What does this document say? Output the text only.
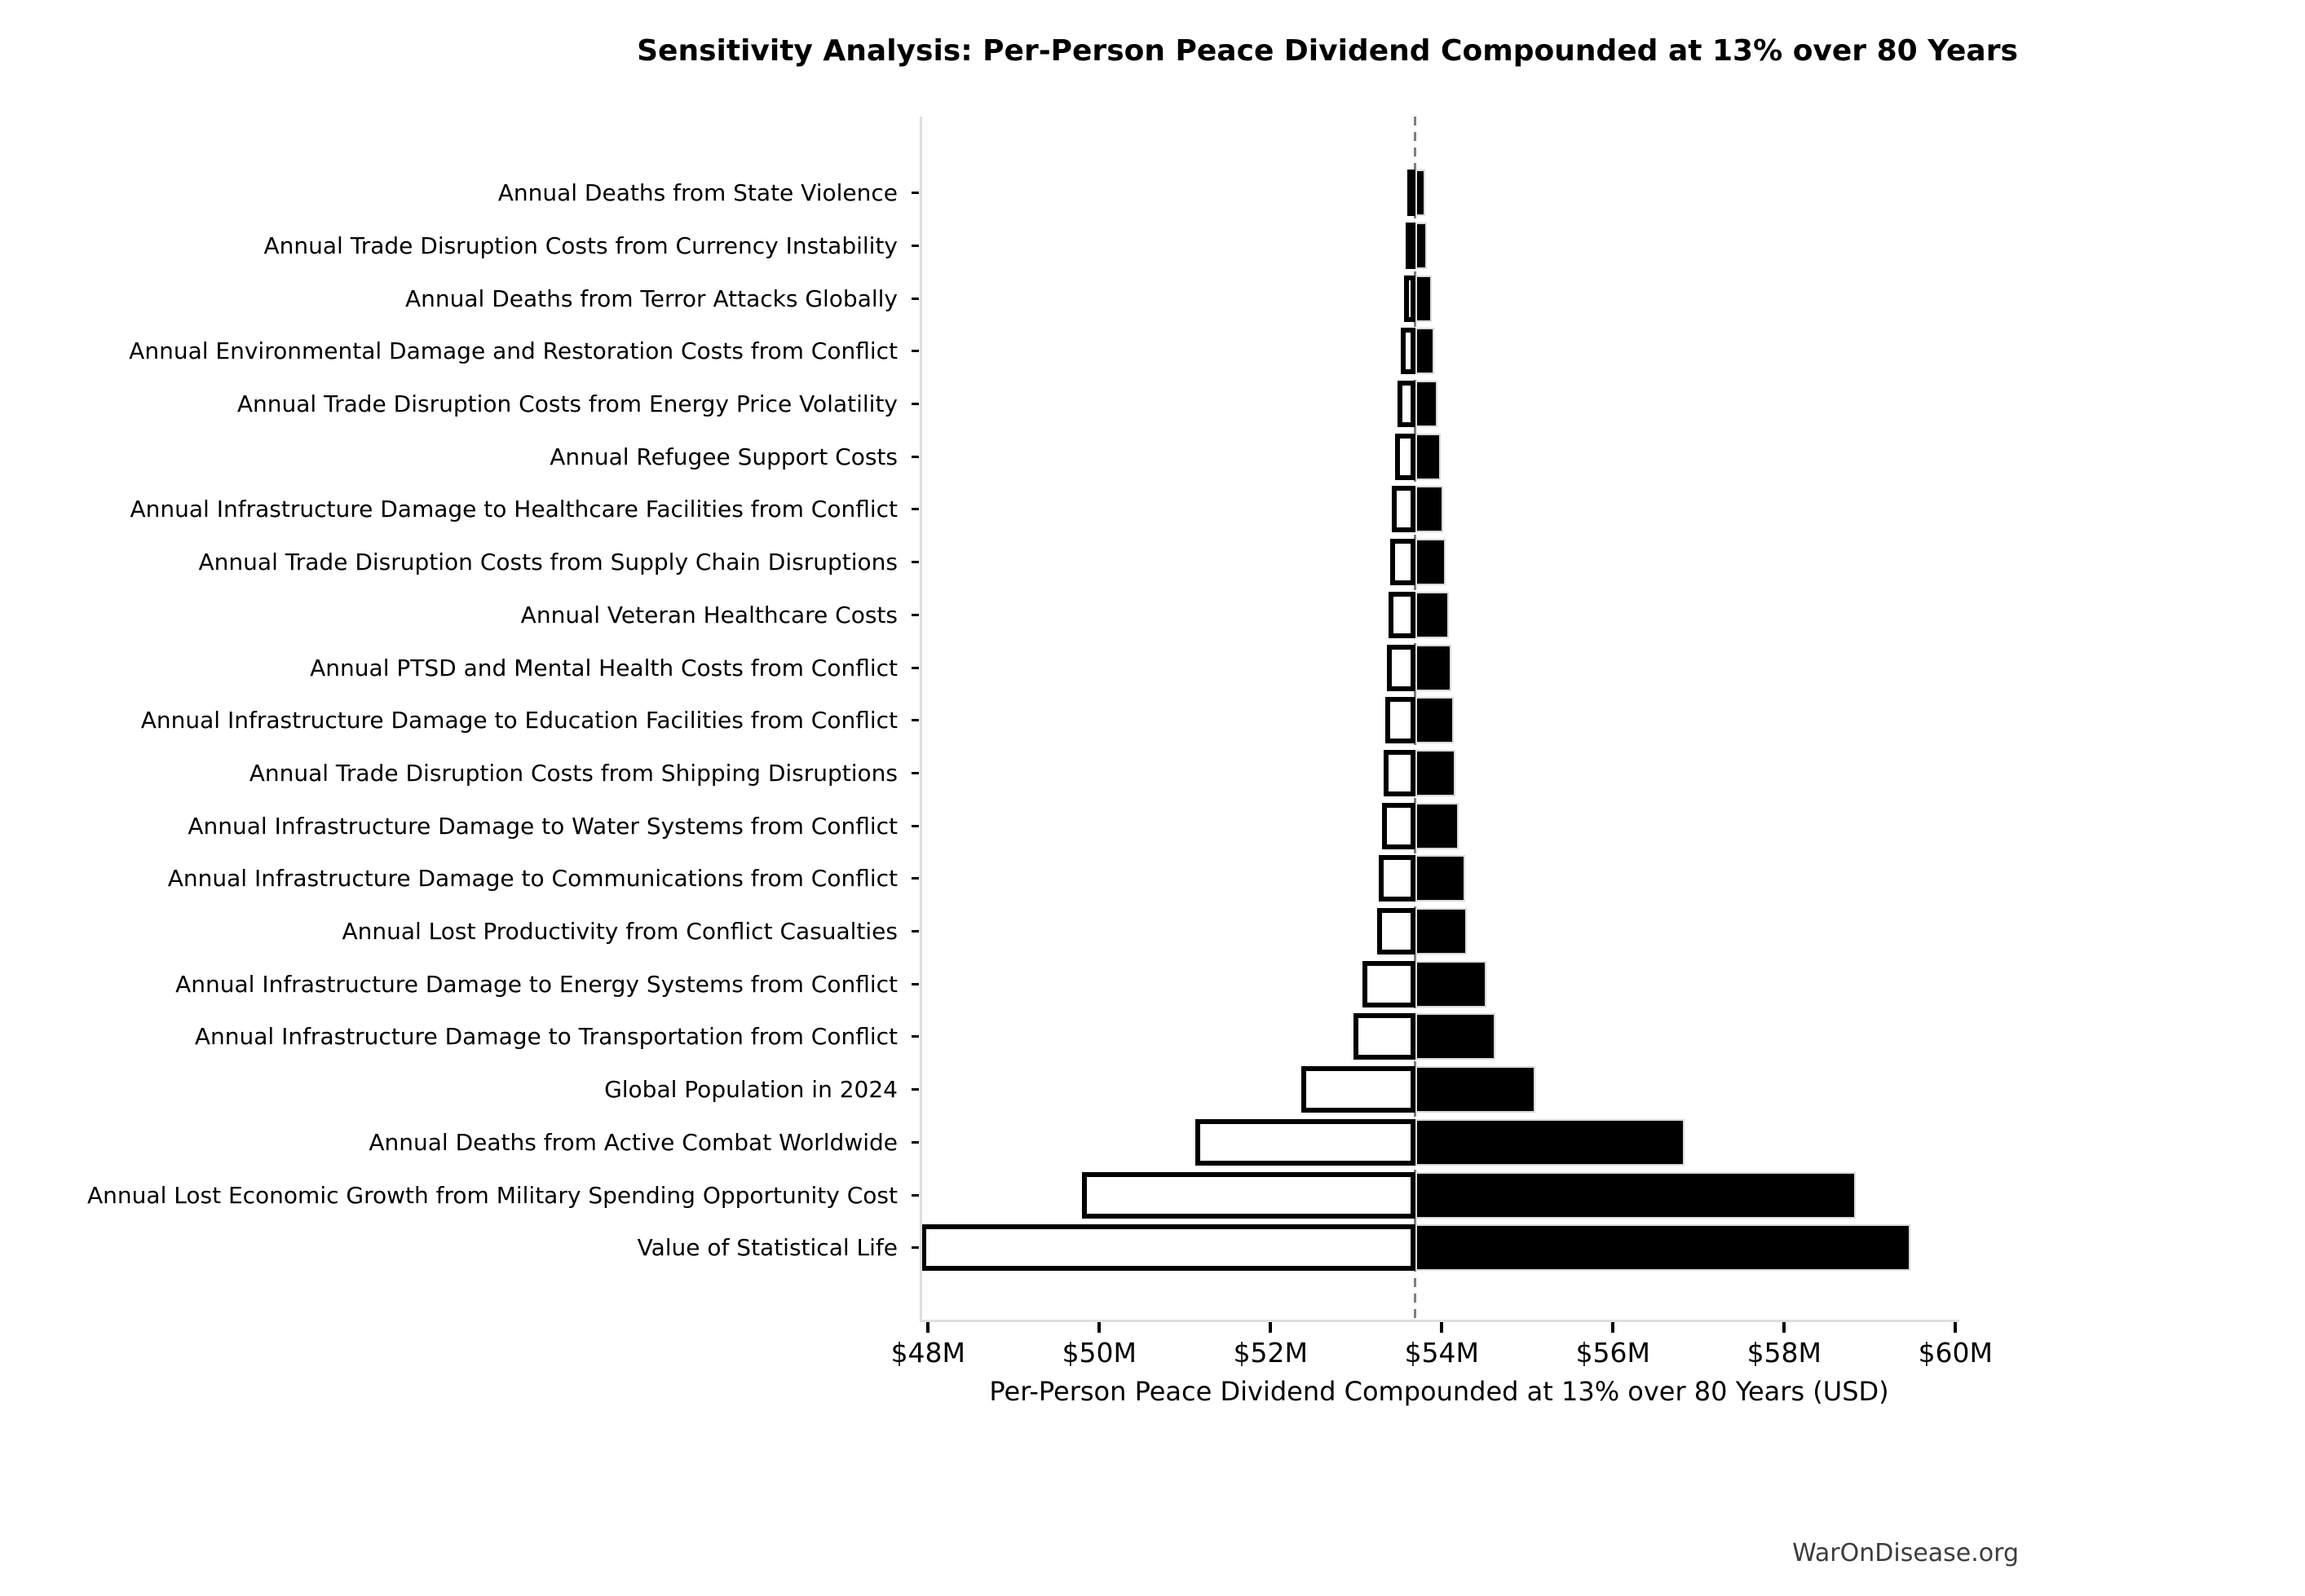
Sensitivity Analysis: Per-Person Peace Dividend Compounded at 13% over 80 Years
Annual Deaths from State Violence
Annual Trade Disruption Costs from Currency Instability
Annual Deaths from Terror Attacks Globally
Annual Environmental Damage and Restoration Costs from Conflict
Annual Trade Disruption Costs from Energy Price Volatility
Annual Refugee Support Costs
Annual Infrastructure Damage to Healthcare Facilities from Conflict
Annual Trade Disruption Costs from Supply Chain Disruptions
Annual Veteran Healthcare Costs
Annual PTSD and Mental Health Costs from Conflict
Annual Infrastructure Damage to Education Facilities from Conflict
Annual Trade Disruption Costs from Shipping Disruptions
Annual Infrastructure Damage to Water Systems from Conflict
Annual Infrastructure Damage to Communications from Conflict
Annual Lost Productivity from Conflict Casualties
Annual Infrastructure Damage to Energy Systems from Conflict
Annual Infrastructure Damage to Transportation from Conflict
Global Population in 2024
Annual Deaths from Active Combat Worldwide
Annual Lost Economic Growth from Military Spending Opportunity Cost
Value of Statistical Life
$48M	$50M	$52M	$54M	$56M	$58M	$60M
Per-Person Peace Dividend Compounded at 13% over 80 Years (USD)
WarOnDisease.org
